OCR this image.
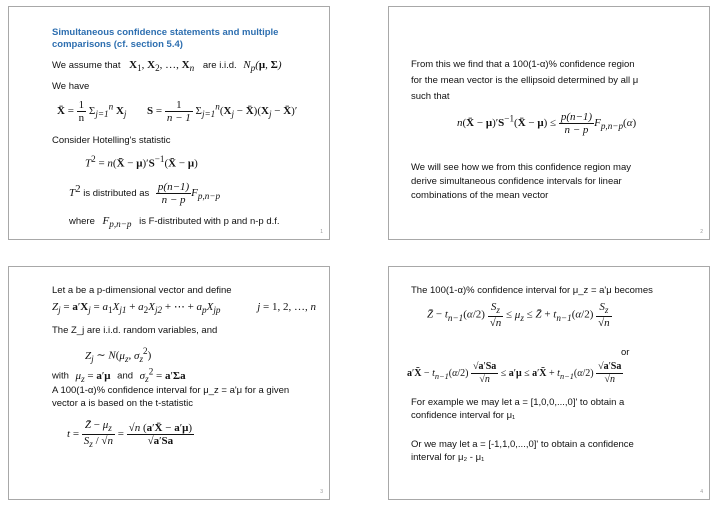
Simultaneous confidence statements and multiple
comparisons (cf. section 5.4)
We assume that $X_1$, $X_2$, …, $X_n$ are i.i.d. $N_p(\mu$, Σ)
We have
X̄ = $\frac{1}{n} \Sigma_{j=1}^n$ $X_j$ $S = \frac{1}{n - 1} \Sigma_{j=1}^n(X_j$ − $X̄)(X_j$ − X̄)′
Consider Hotelling's statistic
$T^2$ = n(X̄ − $\mu)'S^{-1}(X̄ - \mu)$
$T^2$ is distributed as $\frac{p(n-1)}{n - p} F_{p,n-p}$
where $F_{p,n-p}$ is F-distributed with p and n-p d.f.
1
From this we find that a 100(1-α)% confidence region
for the mean vector is the ellipsoid determined by all μ
such that
n(X̄ − $\mu)'S^{-1}(X̄ - \mu) \le \frac{p(n-1)}{n - p} F_{p,n-p}(\alpha)$
We will see how we from this confidence region may
derive simultaneous confidence intervals for linear
combinations of the mean vector
2
Let a be a p-dimensional vector and define
$Z_j = a'X_j = a_1X_{j1} + a_2X_{j2}$ + ⋯ + $a_pX_{jp}$	j = 1, 2, …, n
The Z_j are i.i.d. random variables, and
$Z_j$ ∼ $N(\mu_z$, $\sigma_z^2$)
with $\mu_z = a'\mu$ and $\sigma_z^2 = a'\Sigma a$
A 100(1-α)% confidence interval for μ_z = a'μ for a given
vector a is based on the t-statistic
$t = \frac{Z̄ - \mu_z}{S_z / √n} = \frac{√n (a'X̄ - a'\mu)}{√a'Sa}$
3
The 100(1-α)% confidence interval for μ_z = a'μ becomes
Z̄ − $t_{n-1}(\alpha/2) \frac{S_z}{√n} \le \mu_z$ ≤ Z̄ + $t_{n-1}(\alpha/2) \frac{S_z}{√n}$
or
a′X̄ − $t_{n-1}(\alpha/2) \frac{√a'Sa}{√n} \le a'\mu$ ≤ a′X̄ + $t_{n-1}(\alpha/2) \frac{√a'Sa}{√n}$
For example we may let a = [1,0,0,...,0]' to obtain a
confidence interval for μ₁
Or we may let a = [-1,1,0,...,0]' to obtain a confidence
interval for μ₂ - μ₁
4
